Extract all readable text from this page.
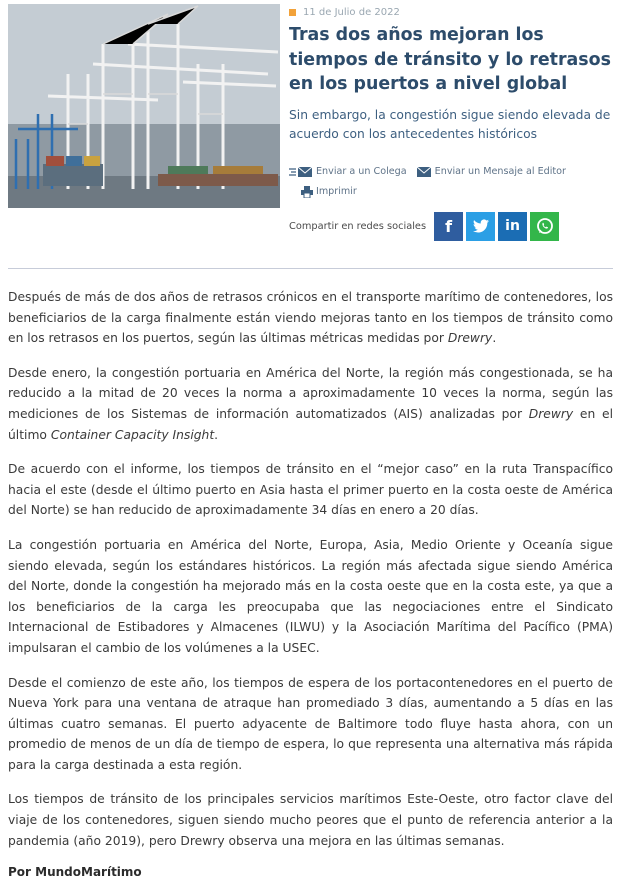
11 de Julio de 2022
Tras dos años mejoran los tiempos de tránsito y lo retrasos en los puertos a nivel global
Sin embargo, la congestión sigue siendo elevada de acuerdo con los antecedentes históricos
Enviar a un Colega
	Enviar un Mensaje al Editor

Imprimir
Compartir en redes sociales f	in

Después de más de dos años de retrasos crónicos en el transporte marítimo de contenedores, los beneficiarios de la carga finalmente están viendo mejoras tanto en los tiempos de tránsito como en los retrasos en los puertos, según las últimas métricas medidas por Drewry.

Desde enero, la congestión portuaria en América del Norte, la región más congestionada, se ha reducido a la mitad de 20 veces la norma a aproximadamente 10 veces la norma, según las mediciones de los Sistemas de información automatizados (AIS) analizadas por Drewry en el último Container Capacity Insight.

De acuerdo con el informe, los tiempos de tránsito en el “mejor caso” en la ruta Transpacífico hacia el este (desde el último puerto en Asia hasta el primer puerto en la costa oeste de América del Norte) se han reducido de aproximadamente 34 días en enero a 20 días.

La congestión portuaria en América del Norte, Europa, Asia, Medio Oriente y Oceanía sigue siendo elevada, según los estándares históricos. La región más afectada sigue siendo América del Norte, donde la congestión ha mejorado más en la costa oeste que en la costa este, ya que a los beneficiarios de la carga les preocupaba que las negociaciones entre el Sindicato Internacional de Estibadores y Almacenes (ILWU) y la Asociación Marítima del Pacífico (PMA) impulsaran el cambio de los volúmenes a la USEC.

Desde el comienzo de este año, los tiempos de espera de los portacontenedores en el puerto de Nueva York para una ventana de atraque han promediado 3 días, aumentando a 5 días en las últimas cuatro semanas. El puerto adyacente de Baltimore todo fluye hasta ahora, con un promedio de menos de un día de tiempo de espera, lo que representa una alternativa más rápida para la carga destinada a esta región.

Los tiempos de tránsito de los principales servicios marítimos Este-Oeste, otro factor clave del viaje de los contenedores, siguen siendo mucho peores que el punto de referencia anterior a la pandemia (año 2019), pero Drewry observa una mejora en las últimas semanas.

Por MundoMarítimo
